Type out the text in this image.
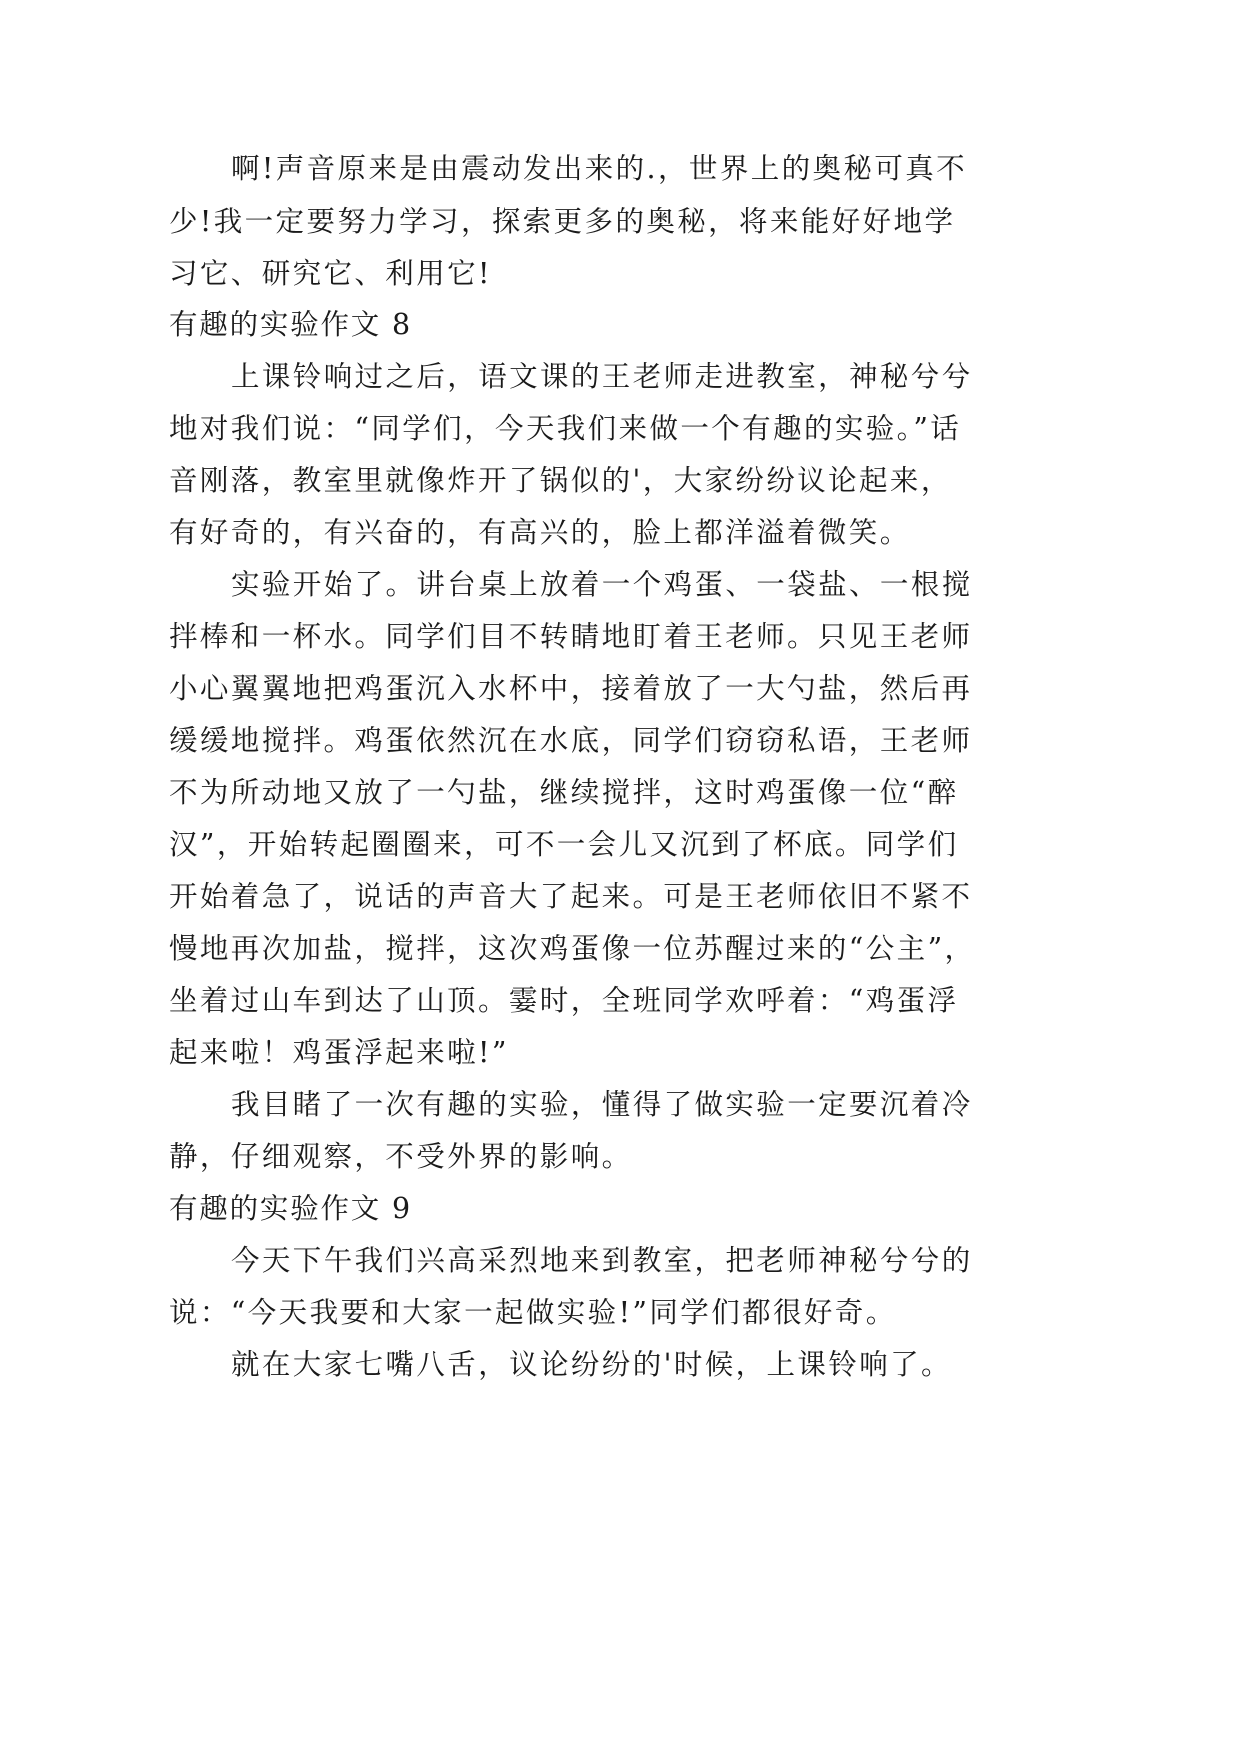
啊!声音原来是由震动发出来的.，世界上的奥秘可真不
少!我一定要努力学习，探索更多的奥秘，将来能好好地学
习它、研究它、利用它!
有趣的实验作文 8
上课铃响过之后，语文课的王老师走进教室，神秘兮兮
地对我们说：“同学们，今天我们来做一个有趣的实验。”话
音刚落，教室里就像炸开了锅似的'，大家纷纷议论起来，
有好奇的，有兴奋的，有高兴的，脸上都洋溢着微笑。
实验开始了。讲台桌上放着一个鸡蛋、一袋盐、一根搅
拌棒和一杯水。同学们目不转睛地盯着王老师。只见王老师
小心翼翼地把鸡蛋沉入水杯中，接着放了一大勺盐，然后再
缓缓地搅拌。鸡蛋依然沉在水底，同学们窃窃私语，王老师
不为所动地又放了一勺盐，继续搅拌，这时鸡蛋像一位“醉
汉”，开始转起圈圈来，可不一会儿又沉到了杯底。同学们
开始着急了，说话的声音大了起来。可是王老师依旧不紧不
慢地再次加盐，搅拌，这次鸡蛋像一位苏醒过来的“公主”，
坐着过山车到达了山顶。霎时，全班同学欢呼着：“鸡蛋浮
起来啦！鸡蛋浮起来啦!”
我目睹了一次有趣的实验，懂得了做实验一定要沉着冷
静，仔细观察，不受外界的影响。
有趣的实验作文 9
今天下午我们兴高采烈地来到教室，把老师神秘兮兮的
说：“今天我要和大家一起做实验!”同学们都很好奇。
就在大家七嘴八舌，议论纷纷的'时候，上课铃响了。
